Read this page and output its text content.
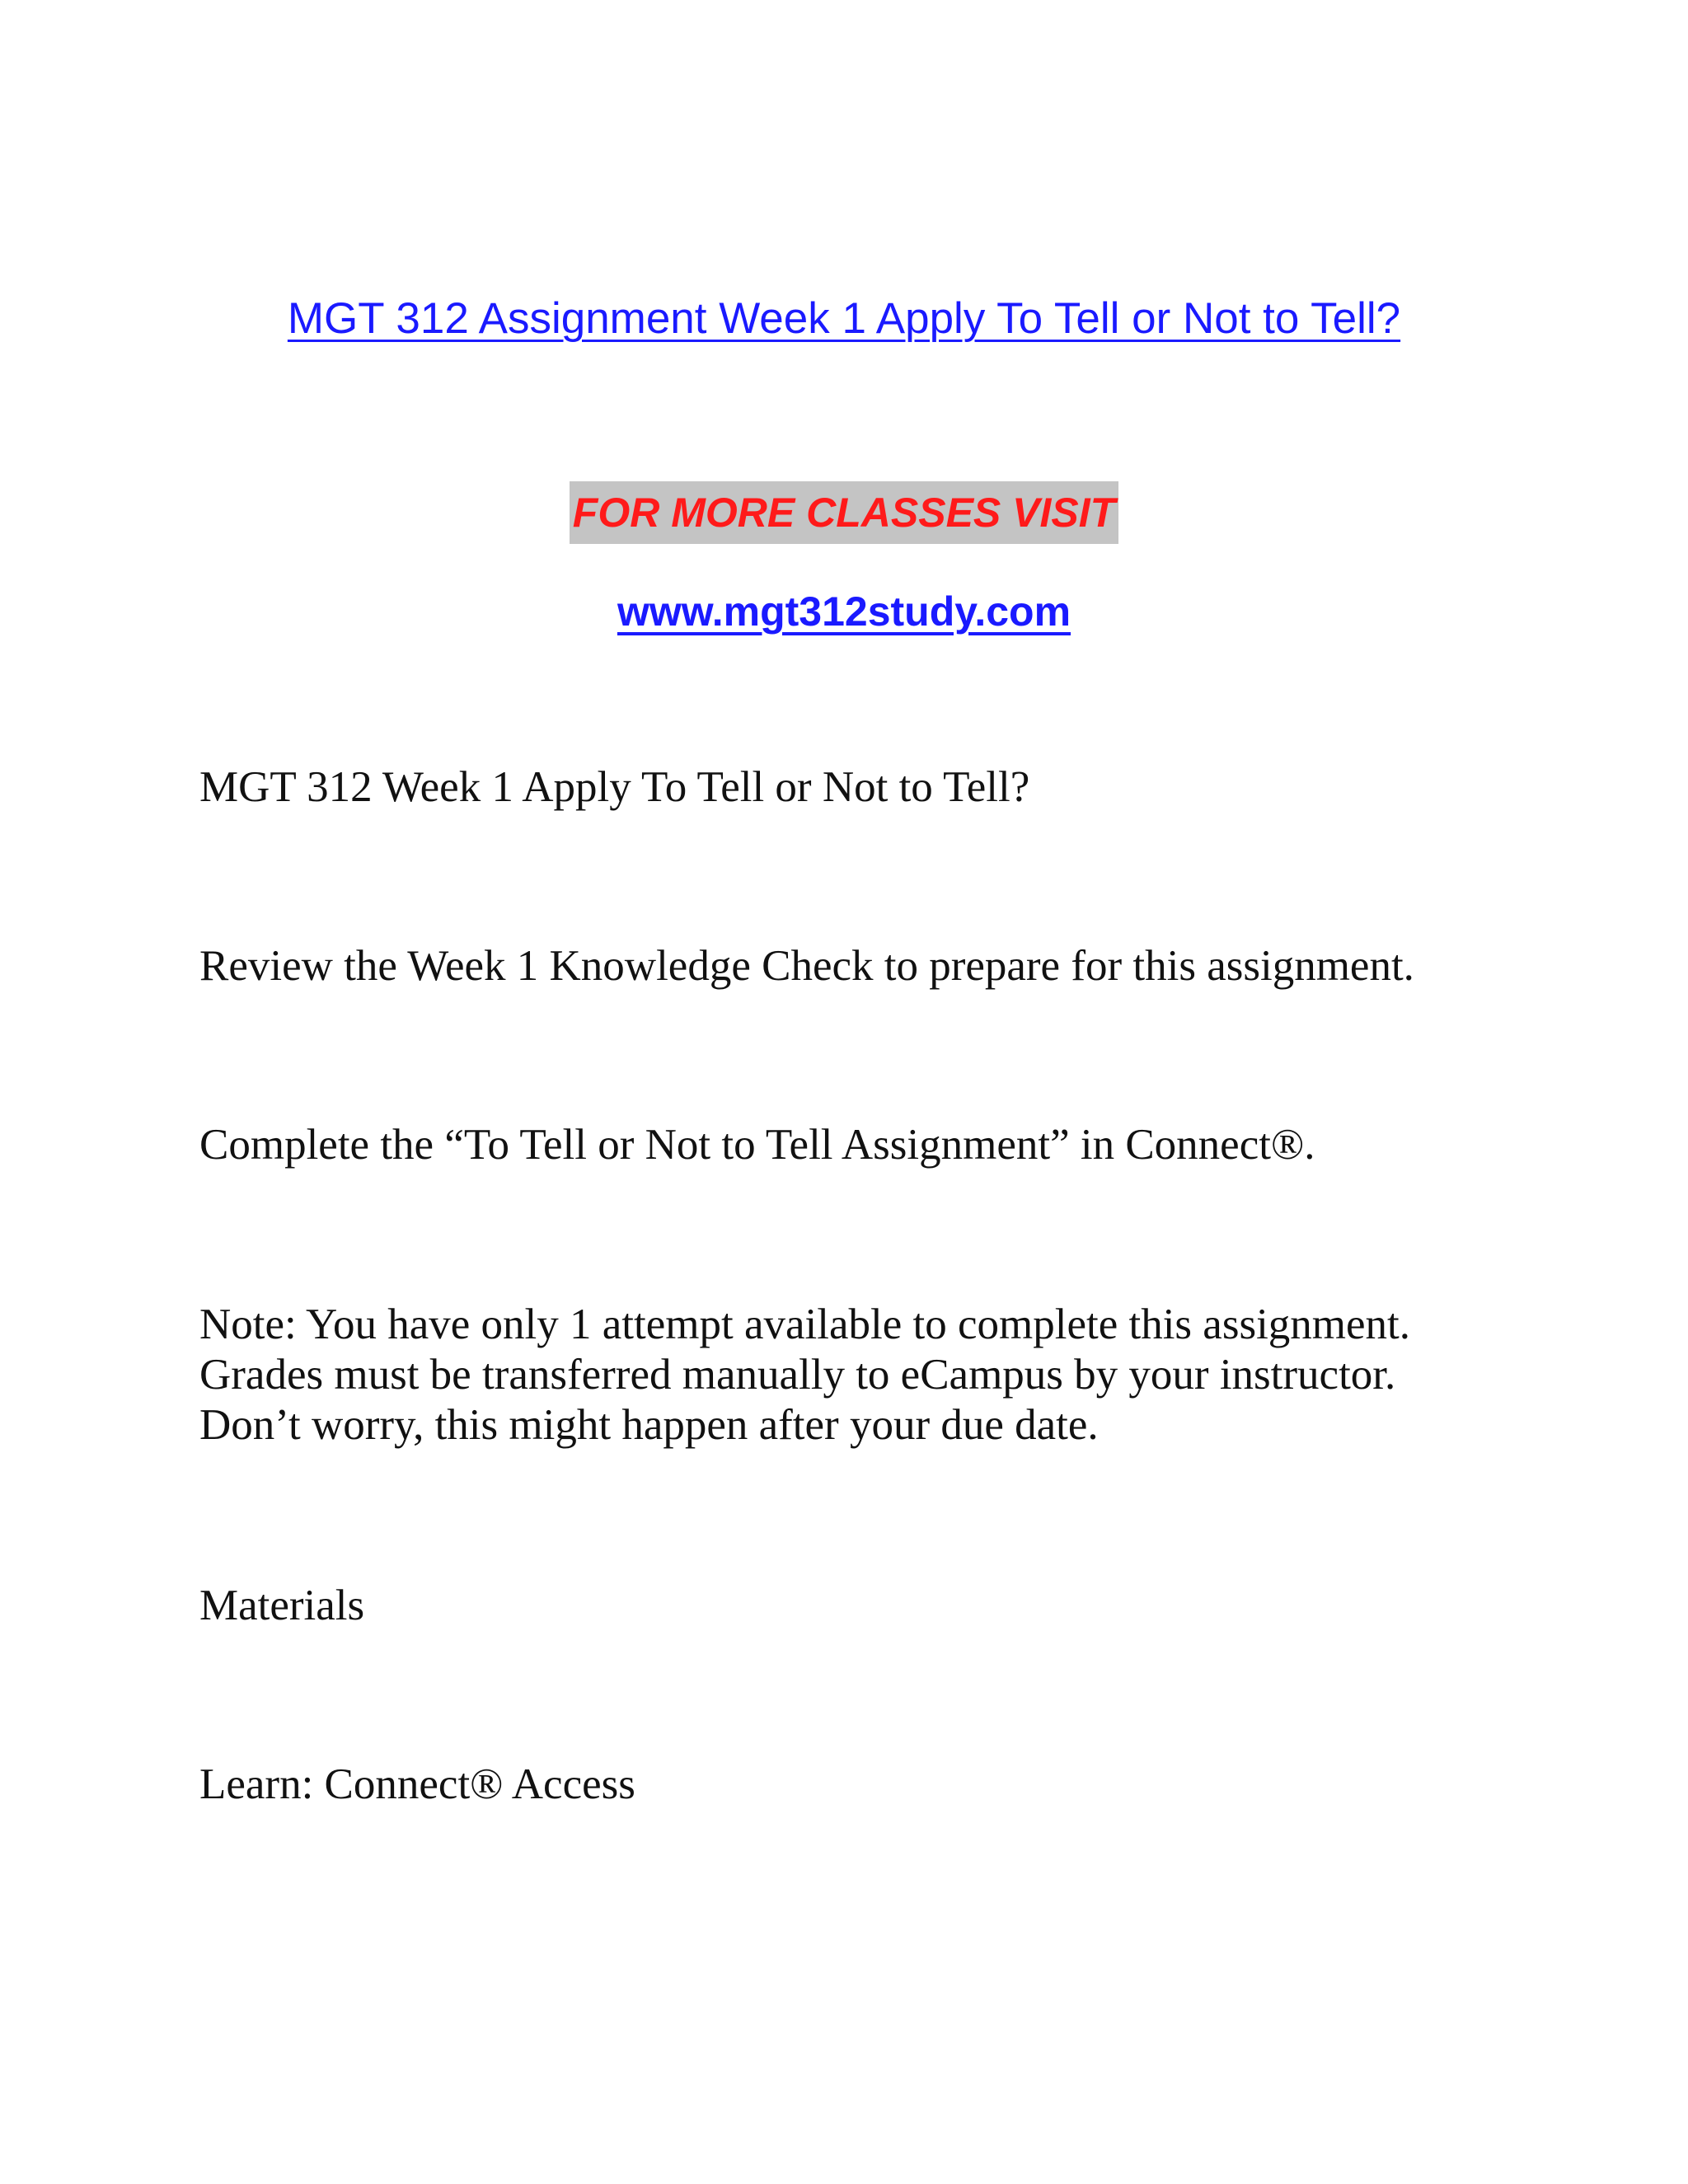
MGT 312 Assignment Week 1 Apply To Tell or Not to Tell?
FOR MORE CLASSES VISIT
www.mgt312study.com
MGT 312 Week 1 Apply To Tell or Not to Tell?
Review the Week 1 Knowledge Check to prepare for this assignment.
Complete the “To Tell or Not to Tell Assignment” in Connect®.
Note: You have only 1 attempt available to complete this assignment.
Grades must be transferred manually to eCampus by your instructor.
Don’t worry, this might happen after your due date.
Materials
Learn: Connect® Access
